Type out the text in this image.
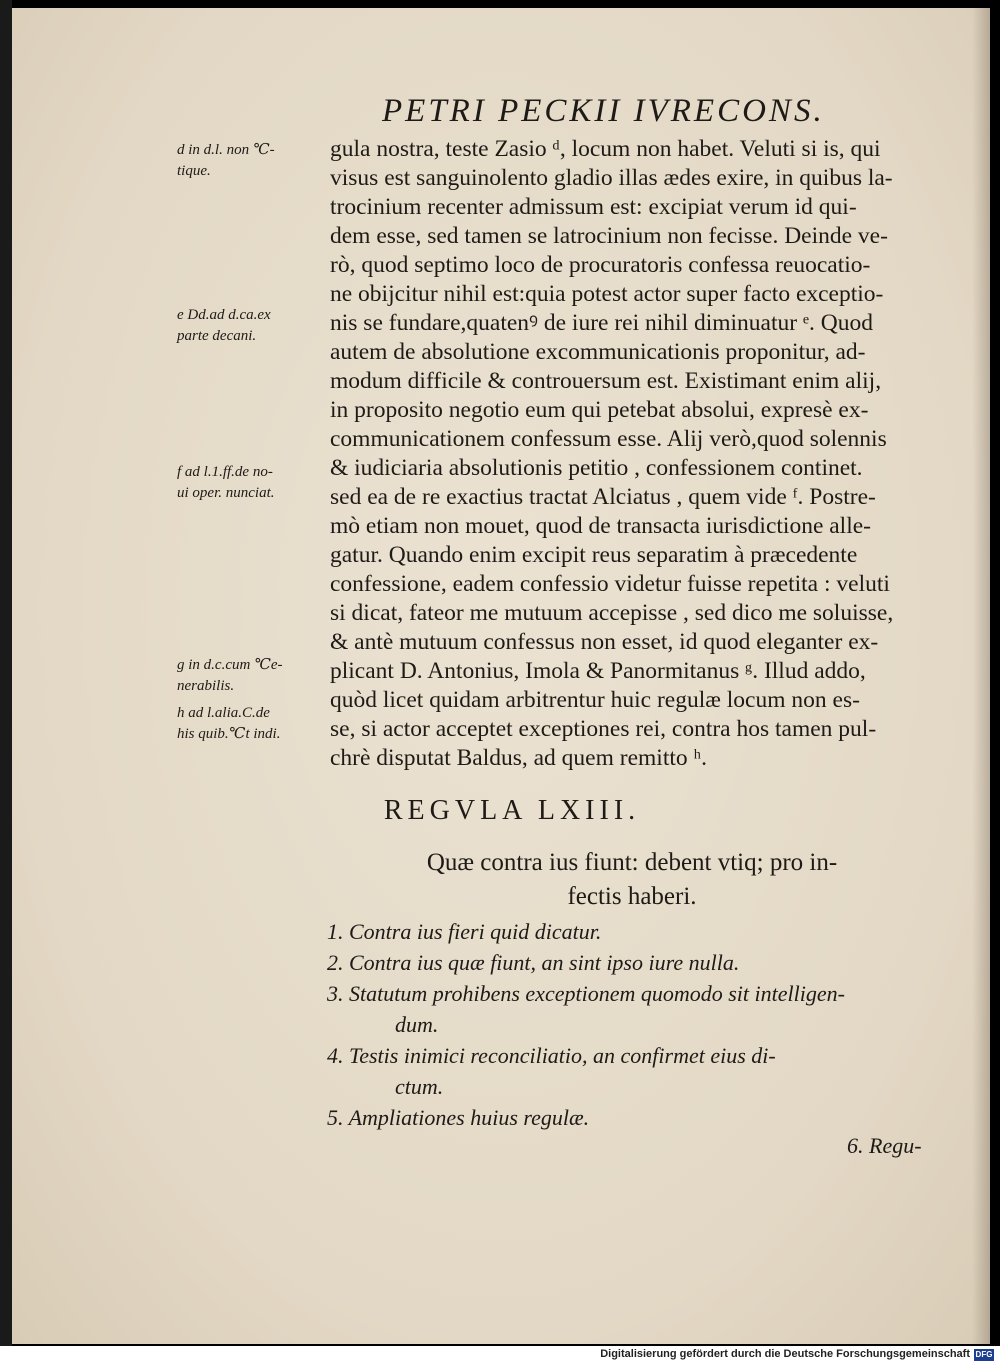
PETRI PECKII IVRECONS.
d in d.l. non ℃-
tique.
e Dd.ad d.ca.ex
parte decani.
f ad l.1.ff.de no-
ui oper. nunciat.
g in d.c.cum ℃e-
nerabilis.
h ad l.alia.C.de
his quib.℃t indi.
gula nostra, teste Zasio ᵈ, locum non habet. Veluti si is, qui
visus est sanguinolento gladio illas ædes exire, in quibus la-
trocinium recenter admissum est: excipiat verum id qui-
dem esse, sed tamen se latrocinium non fecisse. Deinde ve-
rò, quod septimo loco de procuratoris confessa reuocatio-
ne obijcitur nihil est:quia potest actor super facto exceptio-
nis se fundare,quatenꝰ de iure rei nihil diminuatur ᵉ. Quod
autem de absolutione excommunicationis proponitur, ad-
modum difficile & controuersum est. Existimant enim alij,
in proposito negotio eum qui petebat absolui, expresè ex-
communicationem confessum esse. Alij verò,quod solennis
& iudiciaria absolutionis petitio , confessionem continet.
sed ea de re exactius tractat Alciatus , quem vide ᶠ. Postre-
mò etiam non mouet, quod de transacta iurisdictione alle-
gatur. Quando enim excipit reus separatim à præcedente
confessione, eadem confessio videtur fuisse repetita : veluti
si dicat, fateor me mutuum accepisse , sed dico me soluisse,
& antè mutuum confessus non esset, id quod eleganter ex-
plicant D. Antonius, Imola & Panormitanus ᵍ. Illud addo,
quòd licet quidam arbitrentur huic regulæ locum non es-
se, si actor acceptet exceptiones rei, contra hos tamen pul-
chrè disputat Baldus, ad quem remitto ʰ.
REGVLA LXIII.
Quæ contra ius fiunt: debent vtiq; pro in-
fectis haberi.
1. Contra ius fieri quid dicatur.
2. Contra ius quæ fiunt, an sint ipso iure nulla.
3. Statutum prohibens exceptionem quomodo sit intelligen-
dum.
4. Testis inimici reconciliatio, an confirmet eius di-
ctum.
5. Ampliationes huius regulæ.
6. Regu-
Digitalisierung gefördert durch die Deutsche Forschungsgemeinschaft DFG
